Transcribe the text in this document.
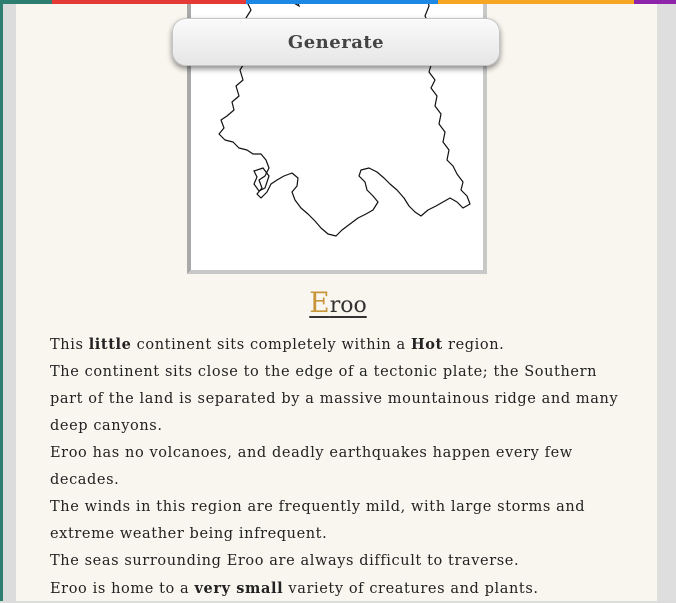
Generate
Eroo

This little continent sits completely within a Hot region.

The continent sits close to the edge of a tectonic plate; the Southern part of the land is separated by a massive mountainous ridge and many deep canyons.

Eroo has no volcanoes, and deadly earthquakes happen every few decades.

The winds in this region are frequently mild, with large storms and extreme weather being infrequent.

The seas surrounding Eroo are always difficult to traverse.

Eroo is home to a very small variety of creatures and plants.
